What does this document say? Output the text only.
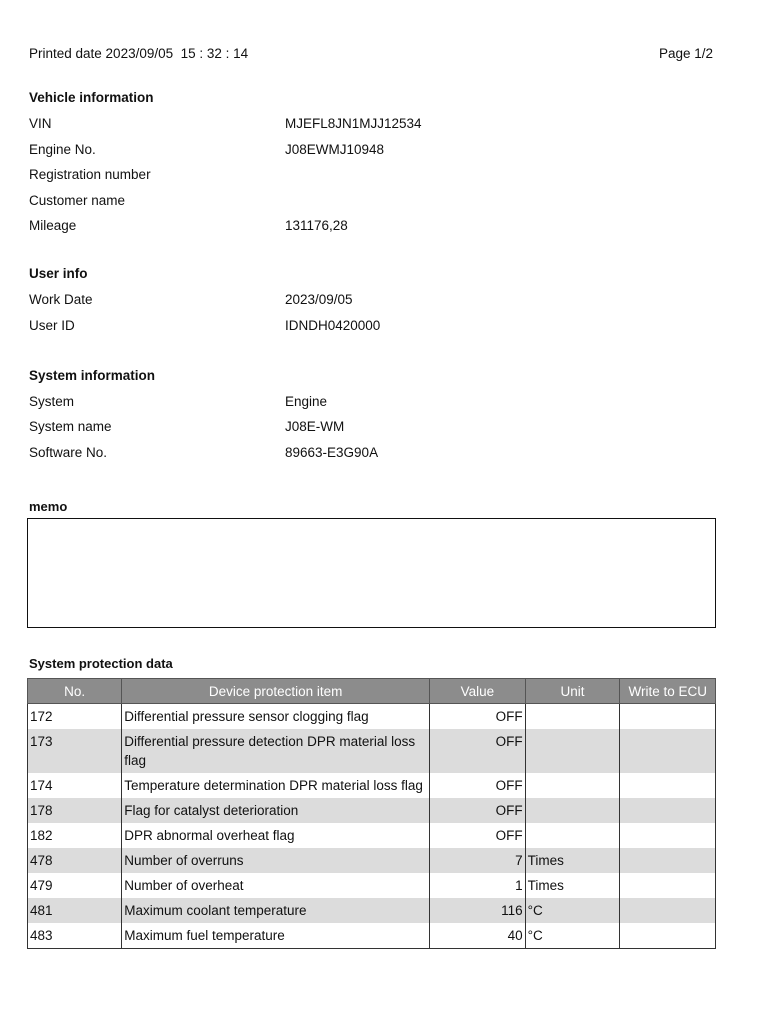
Printed date 2023/09/05  15 : 32 : 14	Page 1/2
Vehicle information
VIN	MJEFL8JN1MJJ12534
Engine No.	J08EWMJ10948
Registration number
Customer name
Mileage	131176,28
User info
Work Date	2023/09/05
User ID	IDNDH0420000
System information
System	Engine
System name	J08E-WM
Software No.	89663-E3G90A
memo
System protection data
No.	Device protection item	Value	Unit	Write to ECU
172	Differential pressure sensor clogging flag	OFF		
173	Differential pressure detection DPR material loss flag	OFF		
174	Temperature determination DPR material loss flag	OFF		
178	Flag for catalyst deterioration	OFF		
182	DPR abnormal overheat flag	OFF		
478	Number of overruns	7	Times	
479	Number of overheat	1	Times	
481	Maximum coolant temperature	116	°C	
483	Maximum fuel temperature	40	°C	
